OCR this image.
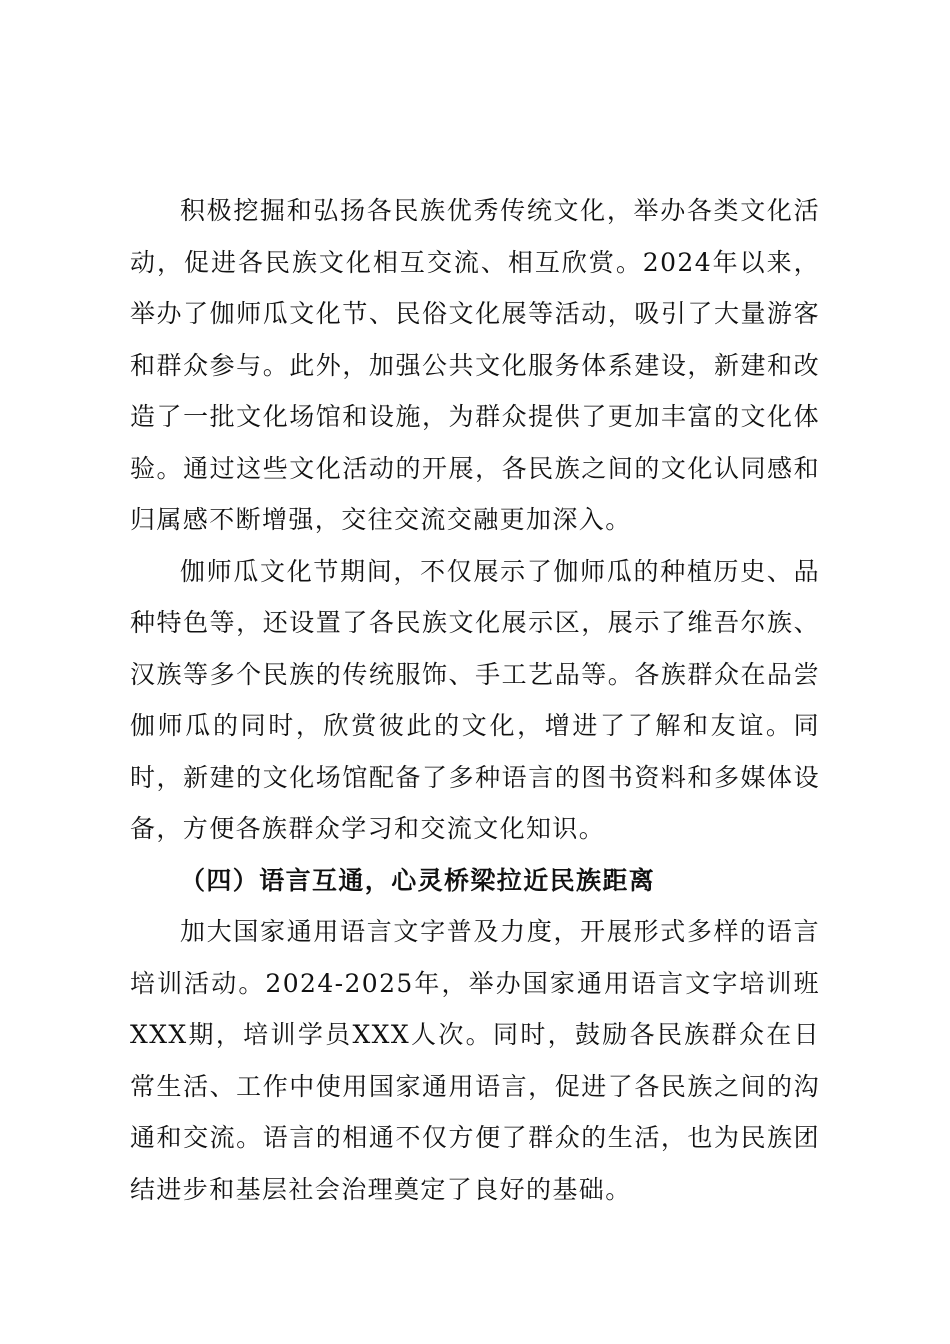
积极挖掘和弘扬各民族优秀传统文化，举办各类文化活动，促进各民族文化相互交流、相互欣赏。2024年以来，举办了伽师瓜文化节、民俗文化展等活动，吸引了大量游客和群众参与。此外，加强公共文化服务体系建设，新建和改造了一批文化场馆和设施，为群众提供了更加丰富的文化体验。通过这些文化活动的开展，各民族之间的文化认同感和归属感不断增强，交往交流交融更加深入。

伽师瓜文化节期间，不仅展示了伽师瓜的种植历史、品种特色等，还设置了各民族文化展示区，展示了维吾尔族、汉族等多个民族的传统服饰、手工艺品等。各族群众在品尝伽师瓜的同时，欣赏彼此的文化，增进了了解和友谊。同时，新建的文化场馆配备了多种语言的图书资料和多媒体设备，方便各族群众学习和交流文化知识。

（四）语言互通，心灵桥梁拉近民族距离

加大国家通用语言文字普及力度，开展形式多样的语言培训活动。2024-2025年，举办国家通用语言文字培训班XXX期，培训学员XXX人次。同时，鼓励各民族群众在日常生活、工作中使用国家通用语言，促进了各民族之间的沟通和交流。语言的相通不仅方便了群众的生活，也为民族团结进步和基层社会治理奠定了良好的基础。
